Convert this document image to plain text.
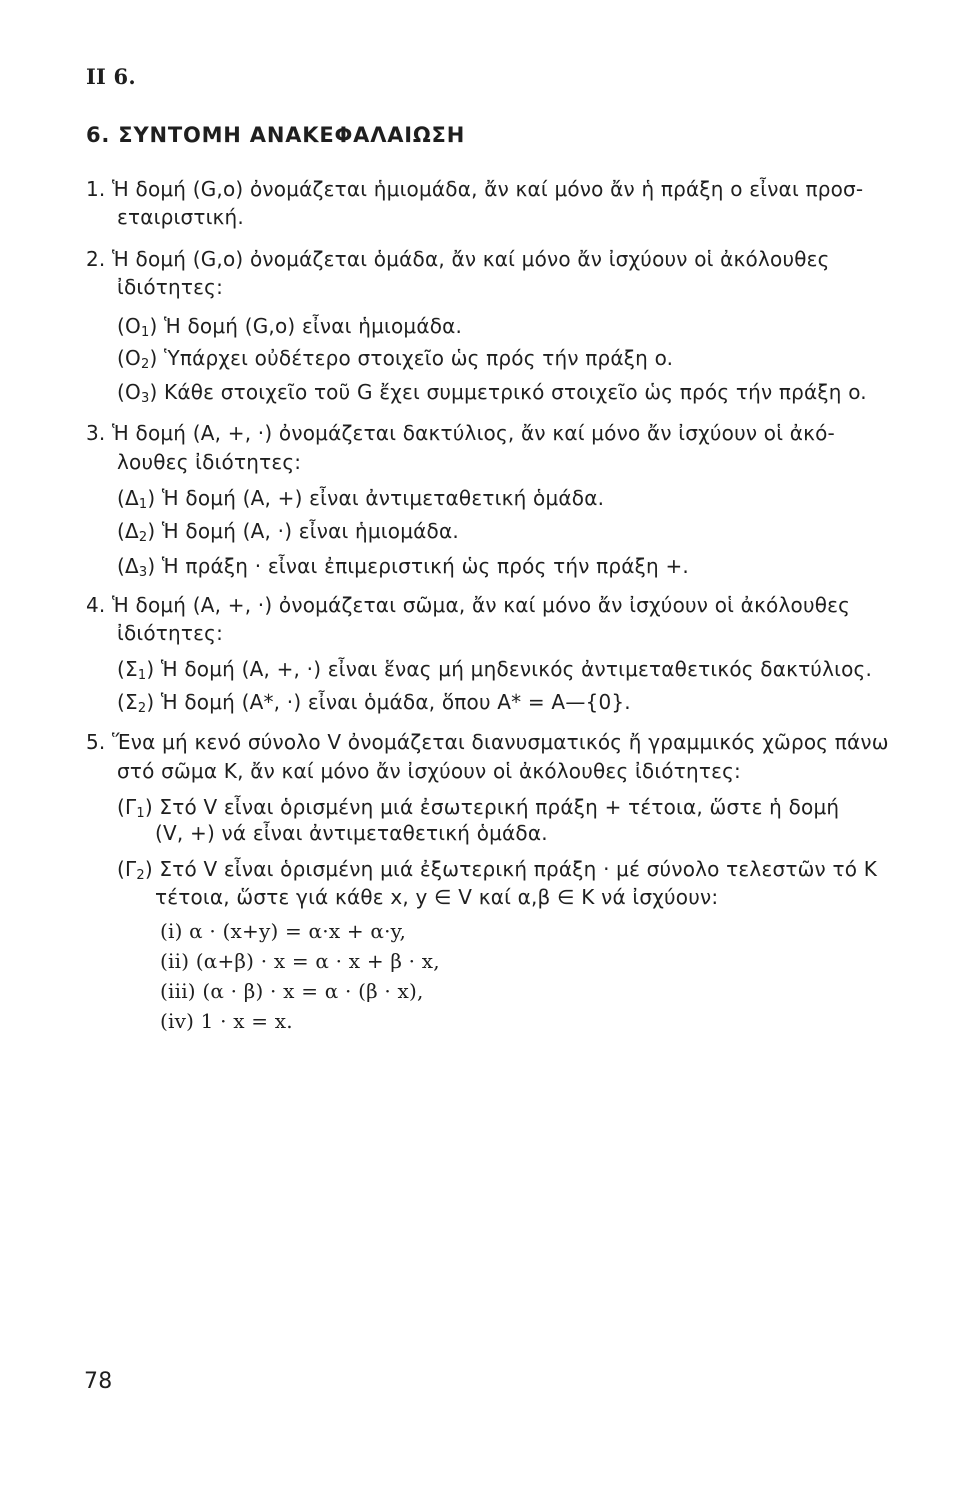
II 6.
6. ΣΥΝΤΟΜΗ ΑΝΑΚΕΦΑΛΑΙΩΣΗ
1. Ἡ δομή (G,o) ὀνομάζεται ἡμιομάδα, ἄν καί μόνο ἄν ἡ πράξη o εἶναι προσ-
εταιριστική.
2. Ἡ δομή (G,o) ὀνομάζεται ὁμάδα, ἄν καί μόνο ἄν ἰσχύουν οἱ ἀκόλουθες
ἰδιότητες:
$(O_1)$ Ἡ δομή (G,o) εἶναι ἡμιομάδα.
$(O_2)$ Ὑπάρχει οὐδέτερο στοιχεῖο ὡς πρός τήν πράξη o.
$(O_3)$ Κάθε στοιχεῖο τοῦ G ἔχει συμμετρικό στοιχεῖο ὡς πρός τήν πράξη o.
3. Ἡ δομή (A, +, ·) ὀνομάζεται δακτύλιος, ἄν καί μόνο ἄν ἰσχύουν οἱ ἀκό-
λουθες ἰδιότητες:
$(\Delta_1)$ Ἡ δομή (A, +) εἶναι ἀντιμεταθετική ὁμάδα.
$(\Delta_2)$ Ἡ δομή (A, ·) εἶναι ἡμιομάδα.
$(\Delta_3)$ Ἡ πράξη · εἶναι ἐπιμεριστική ὡς πρός τήν πράξη +.
4. Ἡ δομή (A, +, ·) ὀνομάζεται σῶμα, ἄν καί μόνο ἄν ἰσχύουν οἱ ἀκόλουθες
ἰδιότητες:
$(\Sigma_1)$ Ἡ δομή (A, +, ·) εἶναι ἕνας μή μηδενικός ἀντιμεταθετικός δακτύλιος.
$(\Sigma_2)$ Ἡ δομή (A*, ·) εἶναι ὁμάδα, ὅπου A* = A—{0}.
5. Ἕνα μή κενό σύνολο V ὀνομάζεται διανυσματικός ἤ γραμμικός χῶρος πάνω
στό σῶμα K, ἄν καί μόνο ἄν ἰσχύουν οἱ ἀκόλουθες ἰδιότητες:
$(\Gamma_1)$ Στό V εἶναι ὁρισμένη μιά ἐσωτερική πράξη + τέτοια, ὥστε ἡ δομή
(V, +) νά εἶναι ἀντιμεταθετική ὁμάδα.
$(\Gamma_2)$ Στό V εἶναι ὁρισμένη μιά ἐξωτερική πράξη · μέ σύνολο τελεστῶν τό K
τέτοια, ὥστε γιά κάθε x, y ∈ V καί α,β ∈ K νά ἰσχύουν:
(i) α · (x+y) = α·x + α·y,
(ii) (α+β) · x = α · x + β · x,
(iii) (α · β) · x = α · (β · x),
(iv) 1 · x = x.
78
